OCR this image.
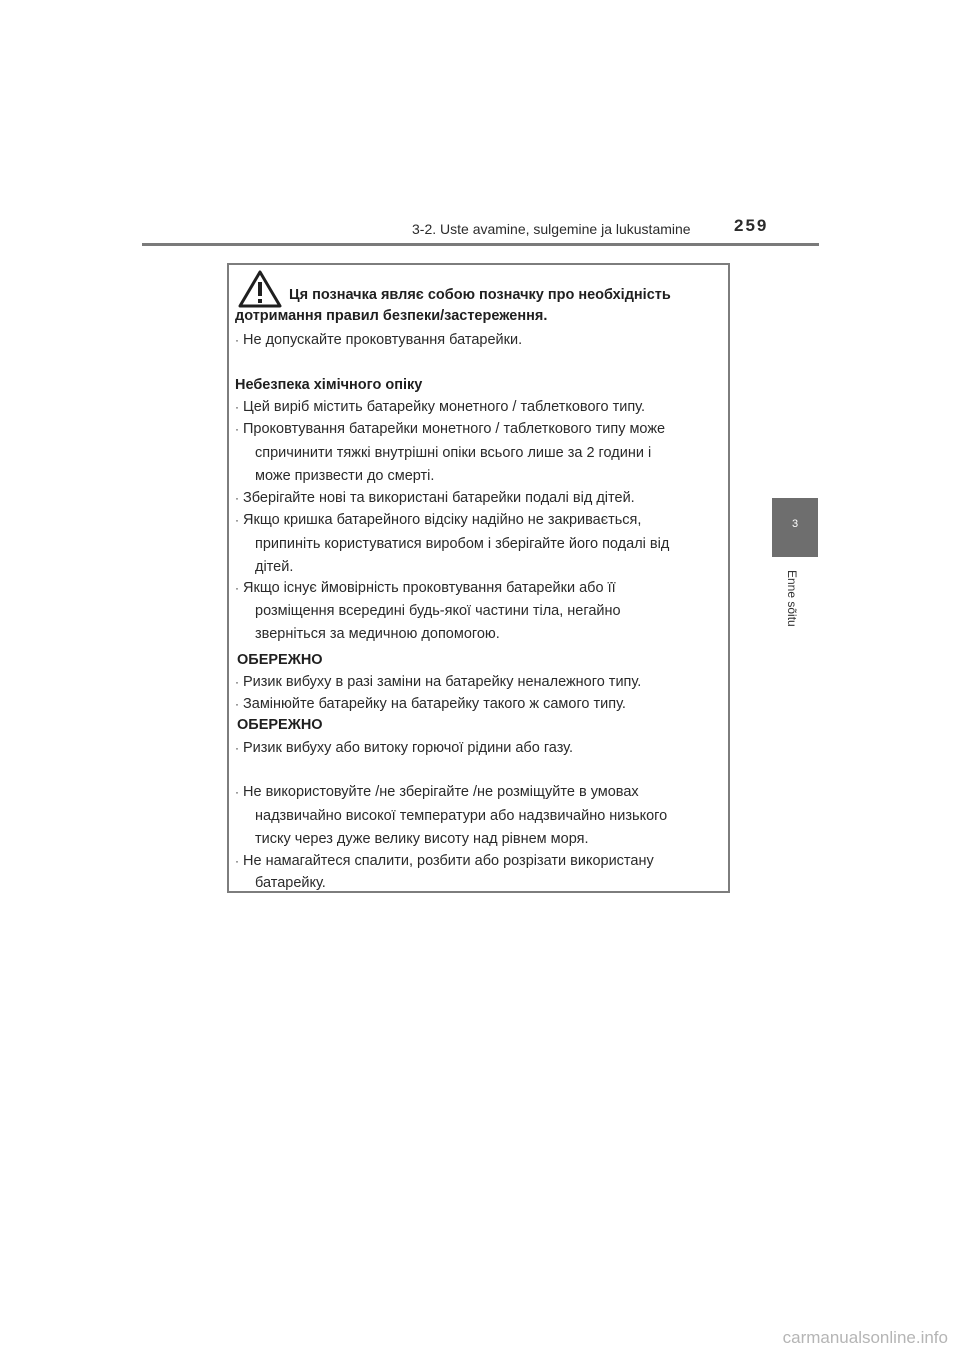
3-2. Uste avamine, sulgemine ja lukustamine	259
3
Enne sõitu
Ця позначка являє собою позначку про необхідність
дотримання правил безпеки/застереження.
· Не допускайте проковтування батарейки.
Небезпека хімічного опіку
· Цей виріб містить батарейку монетного / таблеткового типу.
· Проковтування батарейки монетного / таблеткового типу може
спричинити тяжкі внутрішні опіки всього лише за 2 години і
може призвести до смерті.
· Зберігайте нові та використані батарейки подалі від дітей.
· Якщо кришка батарейного відсіку надійно не закривається,
припиніть користуватися виробом і зберігайте його подалі від
дітей.
· Якщо існує ймовірність проковтування батарейки або її
розміщення всередині будь-якої частини тіла, негайно
зверніться за медичною допомогою.
ОБЕРЕЖНО
· Ризик вибуху в разі заміни на батарейку неналежного типу.
· Замінюйте батарейку на батарейку такого ж самого типу.
ОБЕРЕЖНО
· Ризик вибуху або витоку горючої рідини або газу.
· Не використовуйте /не зберігайте /не розміщуйте в умовах
надзвичайно високої температури або надзвичайно низького
тиску через дуже велику висоту над рівнем моря.
· Не намагайтеся спалити, розбити або розрізати використану
батарейку.
carmanualsonline.info
